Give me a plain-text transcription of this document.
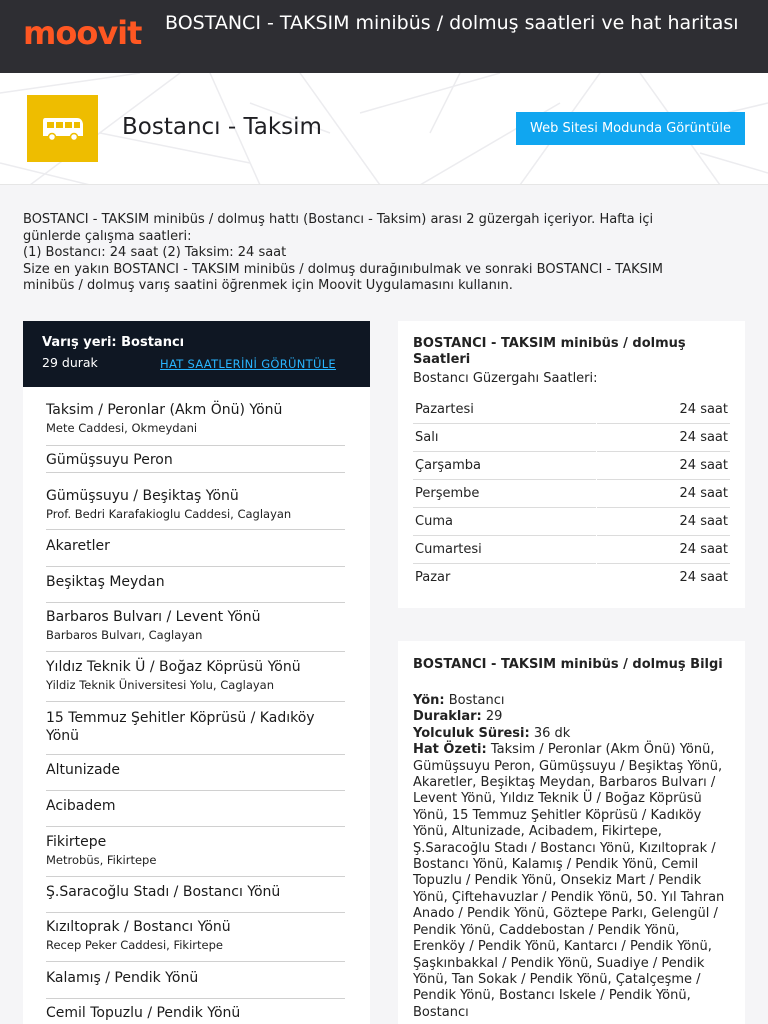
moovit BOSTANCI - TAKSIM minibüs / dolmuş saatleri ve hat haritası
Bostancı - Taksim	Web Sitesi Modunda Görüntüle
BOSTANCI - TAKSIM minibüs / dolmuş hattı (Bostancı - Taksim) arası 2 güzergah içeriyor. Hafta içi günlerde çalışma saatleri:
(1) Bostancı: 24 saat (2) Taksim: 24 saat
Size en yakın BOSTANCI - TAKSIM minibüs / dolmuş durağınıbulmak ve sonraki BOSTANCI - TAKSIM minibüs / dolmuş varış saatini öğrenmek için Moovit Uygulamasını kullanın.
Varış yeri: Bostancı
29 durak	HAT SAATLERİNİ GÖRÜNTÜLE
Taksim / Peronlar (Akm Önü) Yönü
Mete Caddesi, Okmeydani
Gümüşsuyu Peron
Gümüşsuyu / Beşiktaş Yönü
Prof. Bedri Karafakioglu Caddesi, Caglayan
Akaretler
Beşiktaş Meydan
Barbaros Bulvarı / Levent Yönü
Barbaros Bulvarı, Caglayan
Yıldız Teknik Ü / Boğaz Köprüsü Yönü
Yildiz Teknik Üniversitesi Yolu, Caglayan
15 Temmuz Şehitler Köprüsü / Kadıköy Yönü
Altunizade
Acibadem
Fikirtepe
Metrobüs, Fikirtepe
Ş.Saracoğlu Stadı / Bostancı Yönü
Kızıltoprak / Bostancı Yönü
Recep Peker Caddesi, Fikirtepe
Kalamış / Pendik Yönü
Cemil Topuzlu / Pendik Yönü
BOSTANCI - TAKSIM minibüs / dolmuş Saatleri
Bostancı Güzergahı Saatleri:
Pazartesi	24 saat
Salı	24 saat
Çarşamba	24 saat
Perşembe	24 saat
Cuma	24 saat
Cumartesi	24 saat
Pazar	24 saat
BOSTANCI - TAKSIM minibüs / dolmuş Bilgi
Yön: Bostancı
Duraklar: 29
Yolculuk Süresi: 36 dk
Hat Özeti: Taksim / Peronlar (Akm Önü) Yönü, Gümüşsuyu Peron, Gümüşsuyu / Beşiktaş Yönü, Akaretler, Beşiktaş Meydan, Barbaros Bulvarı / Levent Yönü, Yıldız Teknik Ü / Boğaz Köprüsü Yönü, 15 Temmuz Şehitler Köprüsü / Kadıköy Yönü, Altunizade, Acibadem, Fikirtepe, Ş.Saracoğlu Stadı / Bostancı Yönü, Kızıltoprak / Bostancı Yönü, Kalamış / Pendik Yönü, Cemil Topuzlu / Pendik Yönü, Onsekiz Mart / Pendik Yönü, Çiftehavuzlar / Pendik Yönü, 50. Yıl Tahran Anado / Pendik Yönü, Göztepe Parkı, Gelengül / Pendik Yönü, Caddebostan / Pendik Yönü, Erenköy / Pendik Yönü, Kantarcı / Pendik Yönü, Şaşkınbakkal / Pendik Yönü, Suadiye / Pendik Yönü, Tan Sokak / Pendik Yönü, Çatalçeşme / Pendik Yönü, Bostancı Iskele / Pendik Yönü, Bostancı
